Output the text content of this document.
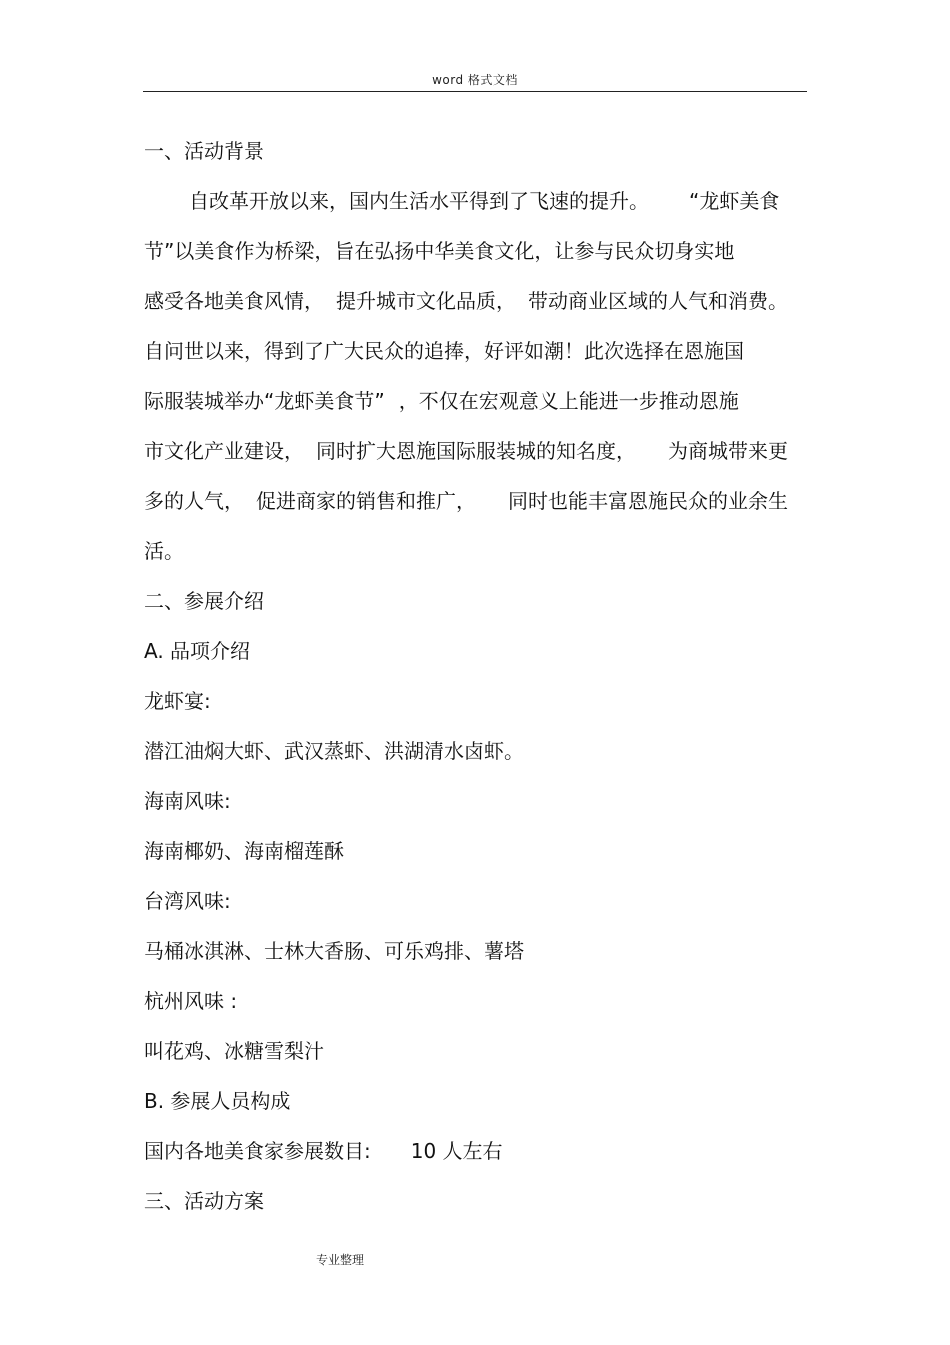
word 格式文档
一、活动背景
自改革开放以来，国内生活水平得到了飞速的提升。 “龙虾美食
节”以美食作为桥梁，旨在弘扬中华美食文化，让参与民众切身实地
感受各地美食风情， 提升城市文化品质， 带动商业区域的人气和消费。
自问世以来，得到了广大民众的追捧，好评如潮！此次选择在恩施国
际服装城举办“龙虾美食节” ，不仅在宏观意义上能进一步推动恩施
市文化产业建设， 同时扩大恩施国际服装城的知名度， 为商城带来更
多的人气， 促进商家的销售和推广， 同时也能丰富恩施民众的业余生
活。
二、参展介绍
A. 品项介绍
龙虾宴:
潜江油焖大虾、武汉蒸虾、洪湖清水卤虾。
海南风味:
海南椰奶、海南榴莲酥
台湾风味:
马桶冰淇淋、士林大香肠、可乐鸡排、薯塔
杭州风味 :
叫花鸡、冰糖雪梨汁
B. 参展人员构成
国内各地美食家参展数目: 10 人左右
三、活动方案
专业整理
